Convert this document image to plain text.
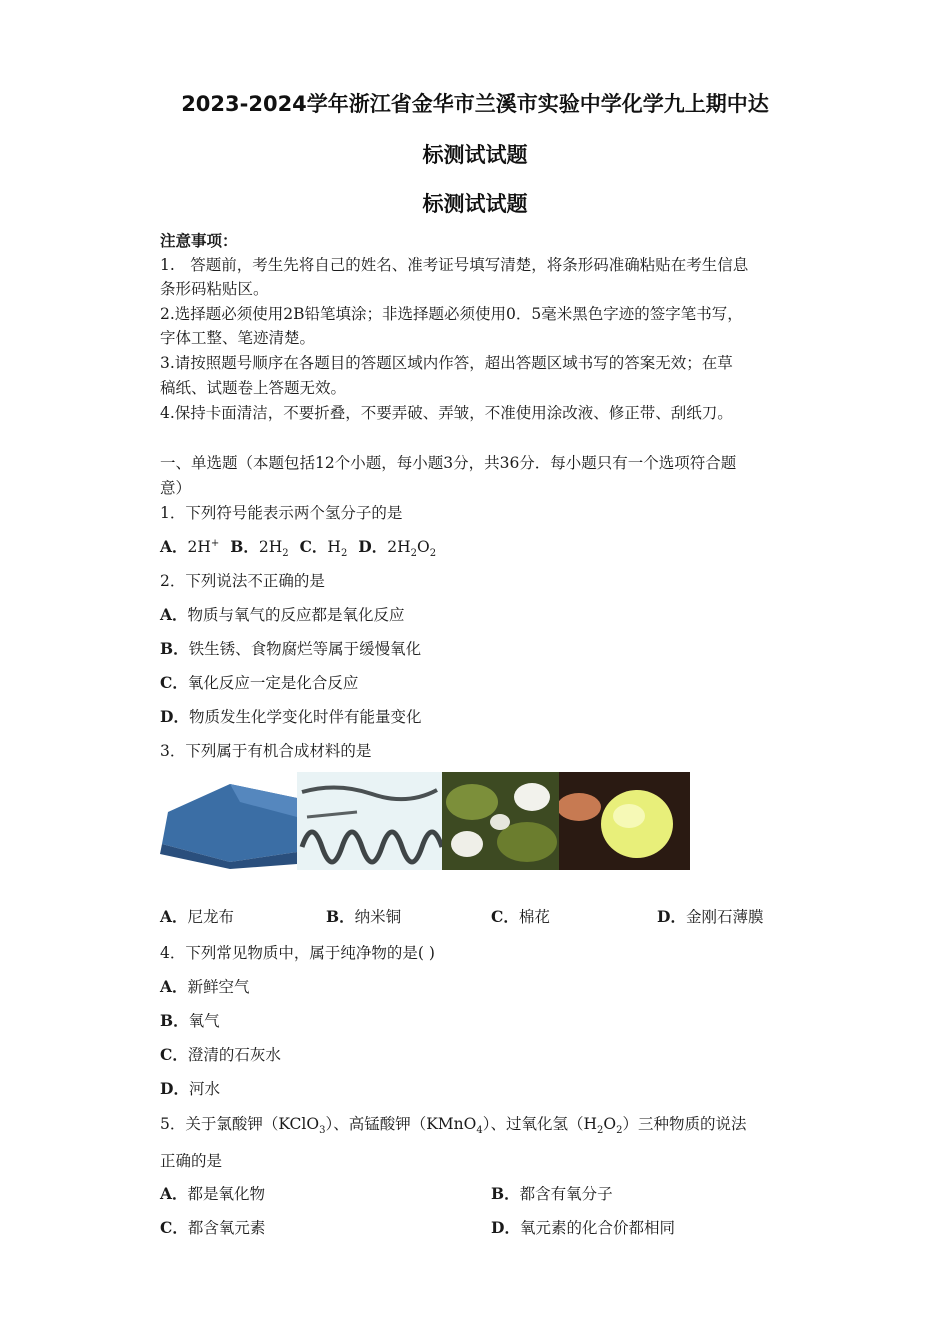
2023-2024学年浙江省金华市兰溪市实验中学化学九上期中达
标测试试题
标测试试题
注意事项：
1.　答题前，考生先将自己的姓名、准考证号填写清楚，将条形码准确粘贴在考生信息
条形码粘贴区。
2.选择题必须使用2B铅笔填涂；非选择题必须使用0．5毫米黑色字迹的签字笔书写，
字体工整、笔迹清楚。
3.请按照题号顺序在各题目的答题区域内作答，超出答题区域书写的答案无效；在草
稿纸、试题卷上答题无效。
4.保持卡面清洁，不要折叠，不要弄破、弄皱，不准使用涂改液、修正带、刮纸刀。
一、单选题（本题包括12个小题，每小题3分，共36分．每小题只有一个选项符合题
意）
1．下列符号能表示两个氢分子的是
A．2H+ B．$2H_2$ C．$H_2$ D．$2H_2O_2$
2．下列说法不正确的是
A．物质与氧气的反应都是氧化反应
B．铁生锈、食物腐烂等属于缓慢氧化
C．氧化反应一定是化合反应
D．物质发生化学变化时伴有能量变化
3．下列属于有机合成材料的是
A．尼龙布	B．纳米铜	C．棉花	D．金刚石薄膜
4．下列常见物质中，属于纯净物的是( )
A．新鲜空气
B．氧气
C．澄清的石灰水
D．河水
5．关于氯酸钾（KClO$_3$）、高锰酸钾（KMnO$_4$）、过氧化氢$(H_2O_2)$三种物质的说法
正确的是
A．都是氧化物	B．都含有氧分子
C．都含氧元素	D．氧元素的化合价都相同
